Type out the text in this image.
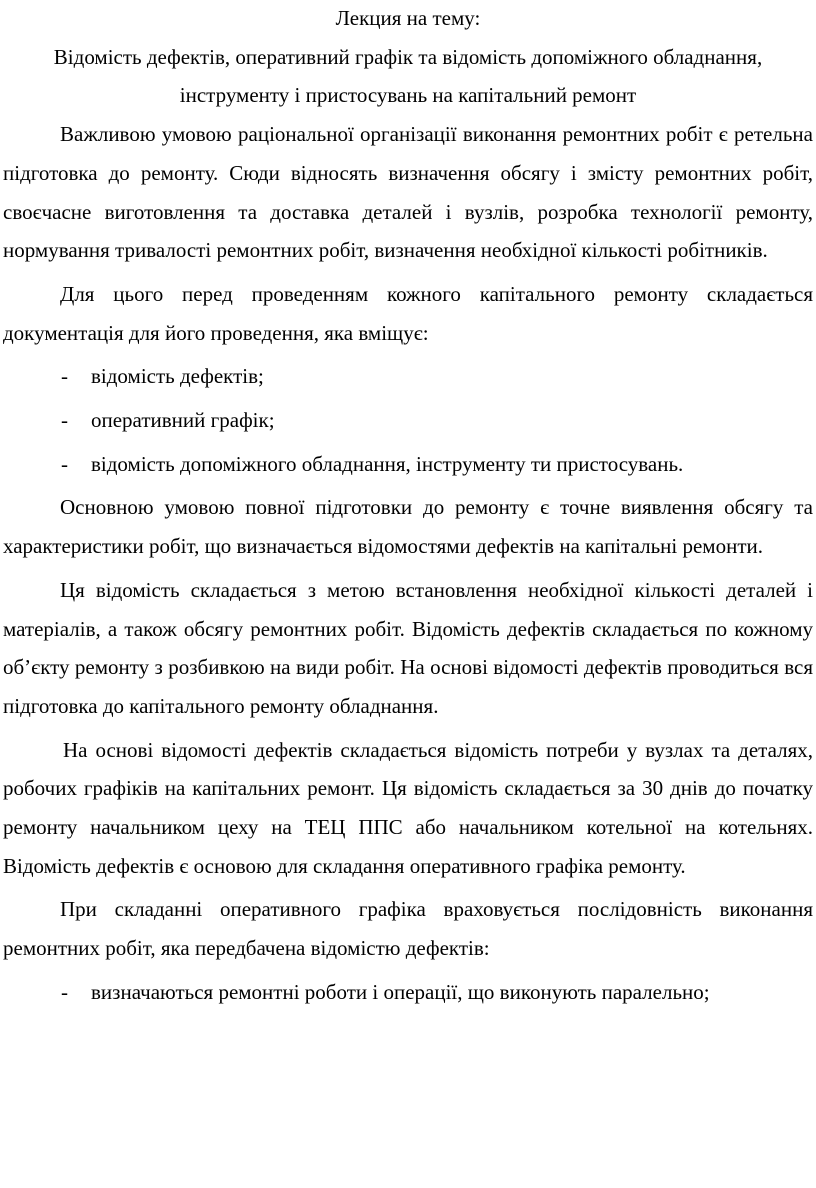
Лекция на тему:

Відомість дефектів, оперативний графік та відомість допоміжного обладнання, інструменту і пристосувань на капітальний ремонт

Важливою умовою раціональної організації виконання ремонтних робіт є ретельна підготовка до ремонту. Сюди відносять визначення обсягу і змісту ремонтних робіт, своєчасне виготовлення та доставка деталей і вузлів, розробка технології ремонту, нормування тривалості ремонтних робіт, визначення необхідної кількості робітників.

Для цього перед проведенням кожного капітального ремонту складається документація для його проведення, яка вміщує:

-	відомість дефектів;
-	оперативний графік;
-	відомість допоміжного обладнання, інструменту ти пристосувань.

Основною умовою повної підготовки до ремонту є точне виявлення обсягу та характеристики робіт, що визначається відомостями дефектів на капітальні ремонти.

Ця відомість складається з метою встановлення необхідної кількості деталей і матеріалів, а також обсягу ремонтних робіт. Відомість дефектів складається по кожному об’єкту ремонту з розбивкою на види робіт. На основі відомості дефектів проводиться вся підготовка до капітального ремонту обладнання.

На основі відомості дефектів складається відомість потреби у вузлах та деталях, робочих графіків на капітальних ремонт. Ця відомість складається за 30 днів до початку ремонту начальником цеху на ТЕЦ ППС або начальником котельної на котельнях. Відомість дефектів є основою для складання оперативного графіка ремонту.

При складанні оперативного графіка враховується послідовність виконання ремонтних робіт, яка передбачена відомістю дефектів:

-	визначаються ремонтні роботи і операції, що виконують паралельно;
